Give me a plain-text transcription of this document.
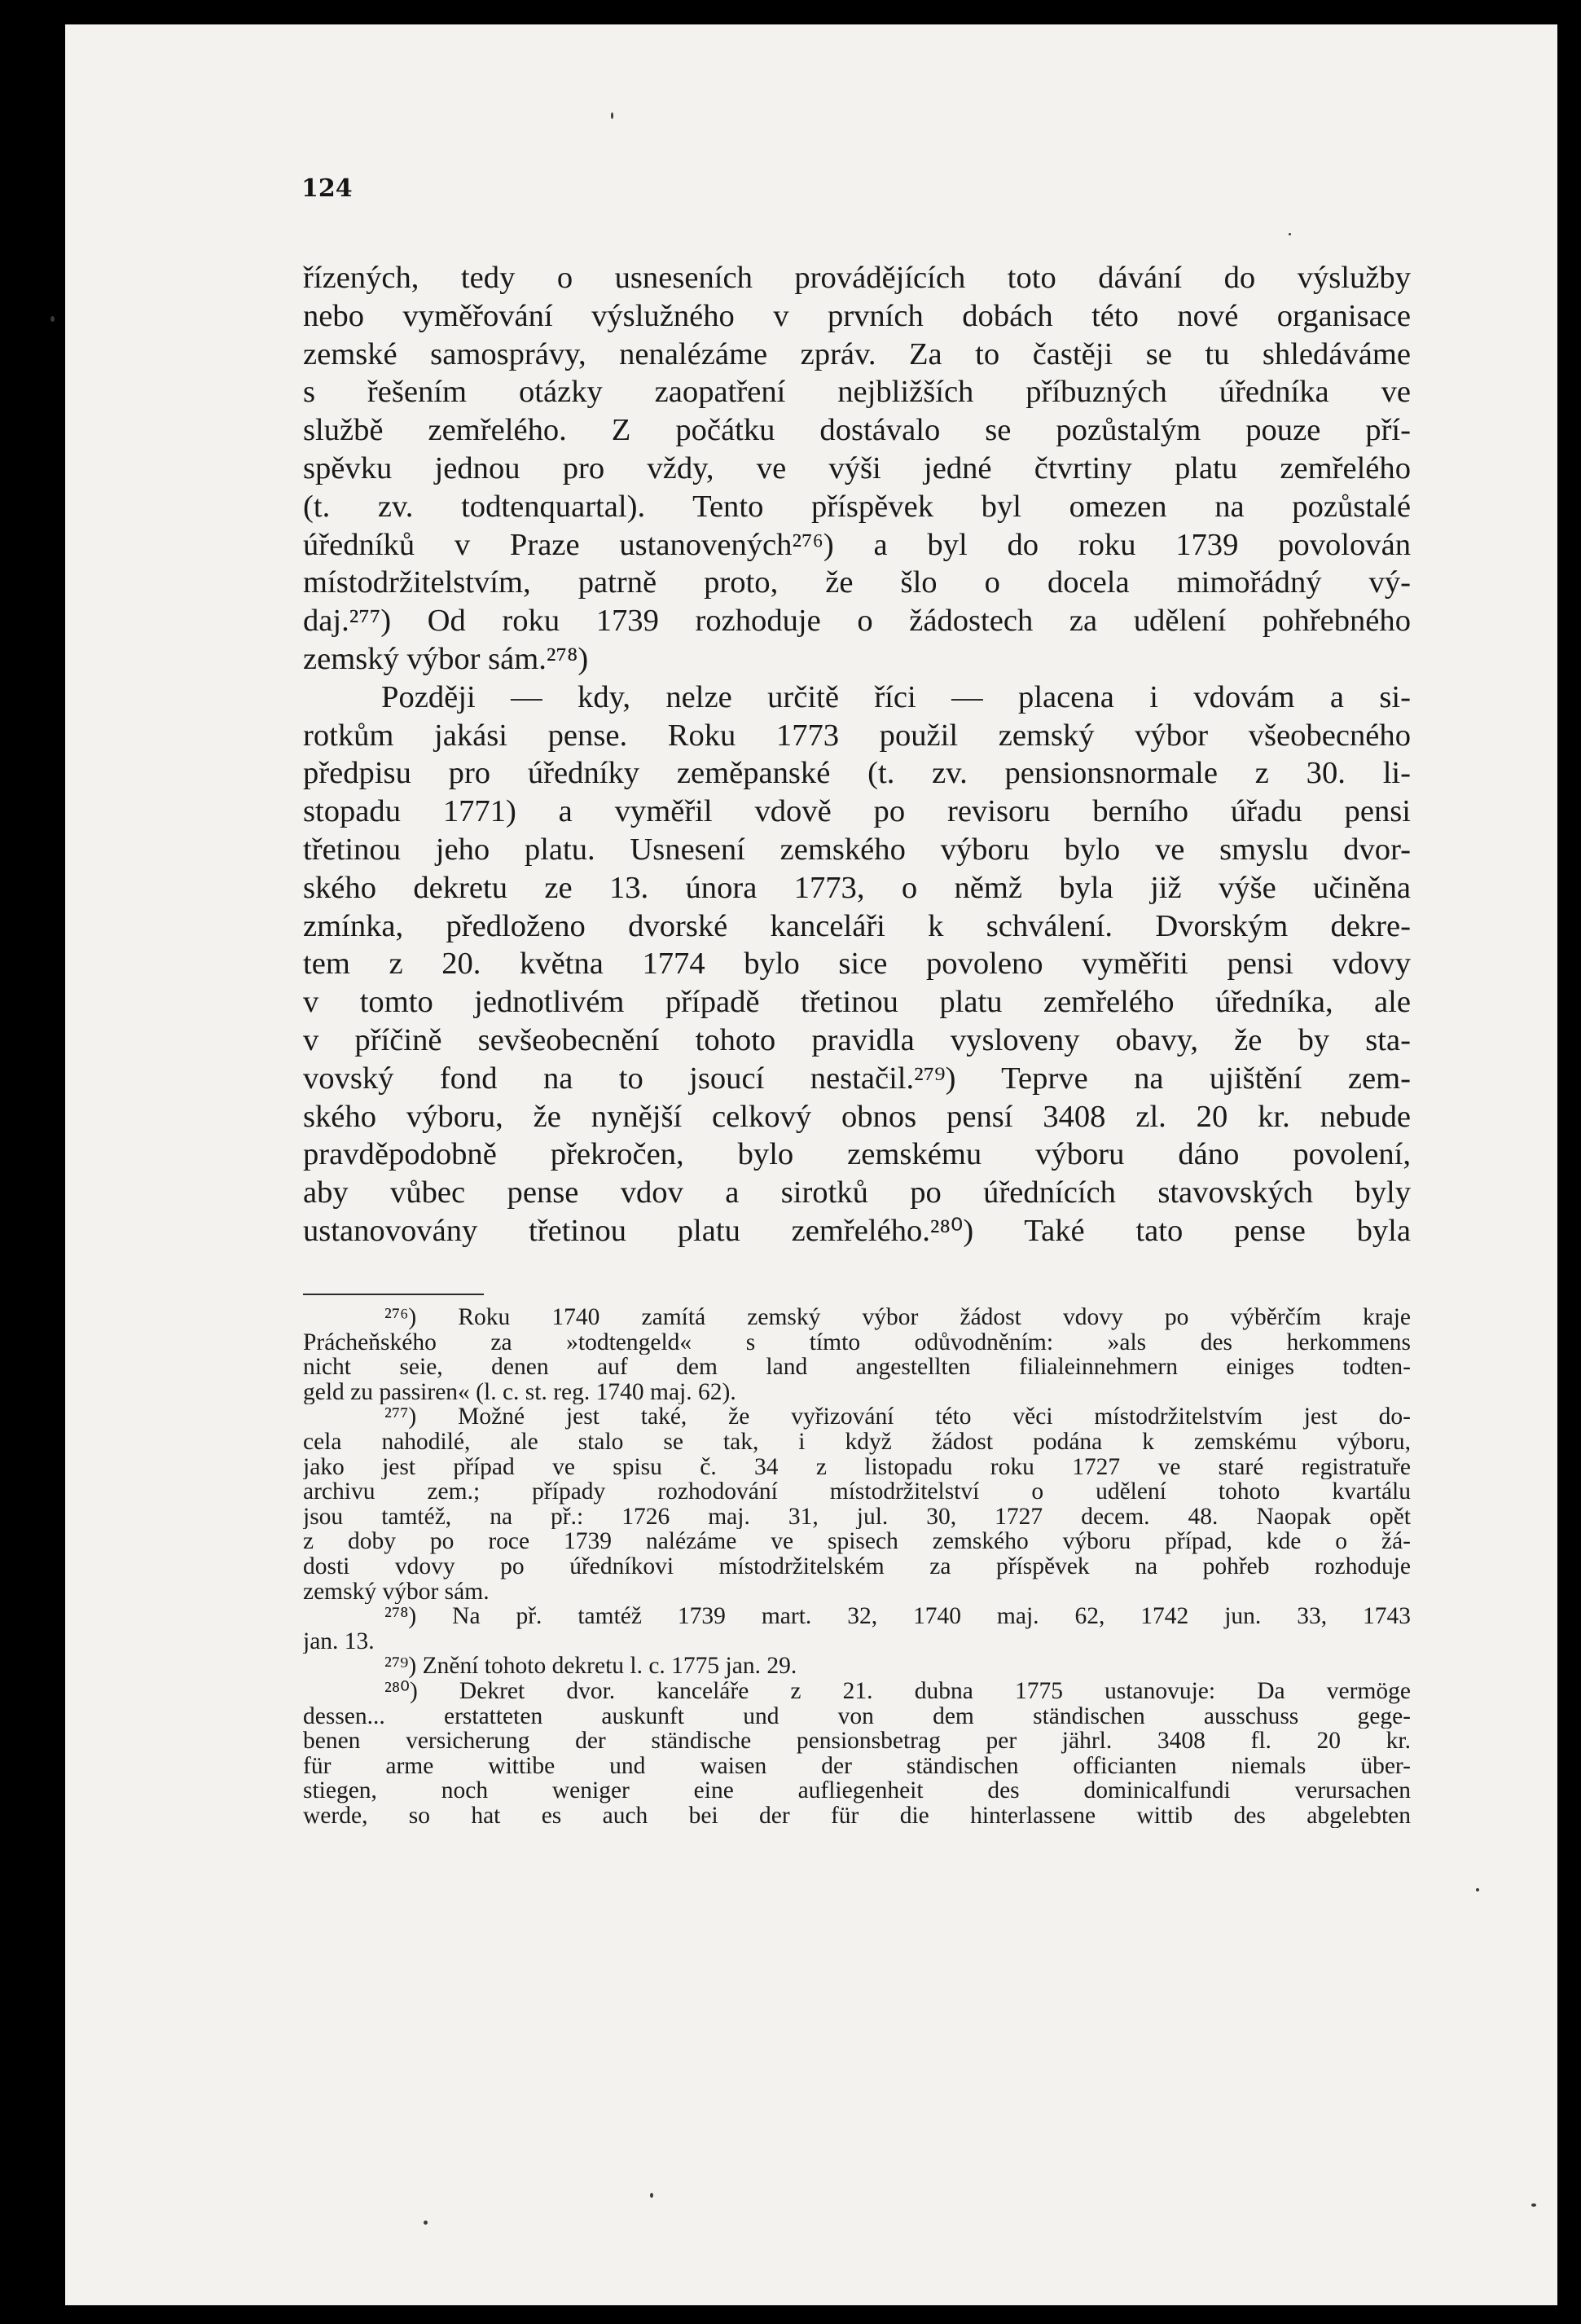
124

řízených, tedy o usneseních provádějících toto dávání do výslužby
nebo vyměřování výslužného v prvních dobách této nové organisace
zemské samosprávy, nenalézáme zpráv. Za to častěji se tu shledáváme
s řešením otázky zaopatření nejbližších příbuzných úředníka ve
službě zemřelého. Z počátku dostávalo se pozůstalým pouze pří-
spěvku jednou pro vždy, ve výši jedné čtvrtiny platu zemřelého
(t. zv. todtenquartal). Tento příspěvek byl omezen na pozůstalé
úředníků v Praze ustanovených²⁷⁶) a byl do roku 1739 povolován
místodržitelstvím, patrně proto, že šlo o docela mimořádný vý-
daj.²⁷⁷) Od roku 1739 rozhoduje o žádostech za udělení pohřebného
zemský výbor sám.²⁷⁸)

Později — kdy, nelze určitě říci — placena i vdovám a si-
rotkům jakási pense. Roku 1773 použil zemský výbor všeobecného
předpisu pro úředníky zeměpanské (t. zv. pensionsnormale z 30. li-
stopadu 1771) a vyměřil vdově po revisoru berního úřadu pensi
třetinou jeho platu. Usnesení zemského výboru bylo ve smyslu dvor-
ského dekretu ze 13. února 1773, o němž byla již výše učiněna
zmínka, předloženo dvorské kanceláři k schválení. Dvorským dekre-
tem z 20. května 1774 bylo sice povoleno vyměřiti pensi vdovy
v tomto jednotlivém případě třetinou platu zemřelého úředníka, ale
v příčině sevšeobecnění tohoto pravidla vysloveny obavy, že by sta-
vovský fond na to jsoucí nestačil.²⁷⁹) Teprve na ujištění zem-
ského výboru, že nynější celkový obnos pensí 3408 zl. 20 kr. nebude
pravděpodobně překročen, bylo zemskému výboru dáno povolení,
aby vůbec pense vdov a sirotků po úřednících stavovských byly
ustanovovány třetinou platu zemřelého.²⁸⁰) Také tato pense byla

²⁷⁶) Roku 1740 zamítá zemský výbor žádost vdovy po výběrčím kraje
Prácheňského za »todtengeld« s tímto odůvodněním: »als des herkommens
nicht seie, denen auf dem land angestellten filialeinnehmern einiges todten-
geld zu passiren« (l. c. st. reg. 1740 maj. 62).
²⁷⁷) Možné jest také, že vyřizování této věci místodržitelstvím jest do-
cela nahodilé, ale stalo se tak, i když žádost podána k zemskému výboru,
jako jest případ ve spisu č. 34 z listopadu roku 1727 ve staré registratuře
archivu zem.; případy rozhodování místodržitelství o udělení tohoto kvartálu
jsou tamtéž, na př.: 1726 maj. 31, jul. 30, 1727 decem. 48. Naopak opět
z doby po roce 1739 nalézáme ve spisech zemského výboru případ, kde o žá-
dosti vdovy po úředníkovi místodržitelském za příspěvek na pohřeb rozhoduje
zemský výbor sám.
²⁷⁸) Na př. tamtéž 1739 mart. 32, 1740 maj. 62, 1742 jun. 33, 1743
jan. 13.
²⁷⁹) Znění tohoto dekretu l. c. 1775 jan. 29.
²⁸⁰) Dekret dvor. kanceláře z 21. dubna 1775 ustanovuje: Da vermöge
dessen... erstatteten auskunft und von dem ständischen ausschuss gege-
benen versicherung der ständische pensionsbetrag per jährl. 3408 fl. 20 kr.
für arme wittibe und waisen der ständischen officianten niemals über-
stiegen, noch weniger eine aufliegenheit des dominicalfundi verursachen
werde, so hat es auch bei der für die hinterlassene wittib des abgelebten
